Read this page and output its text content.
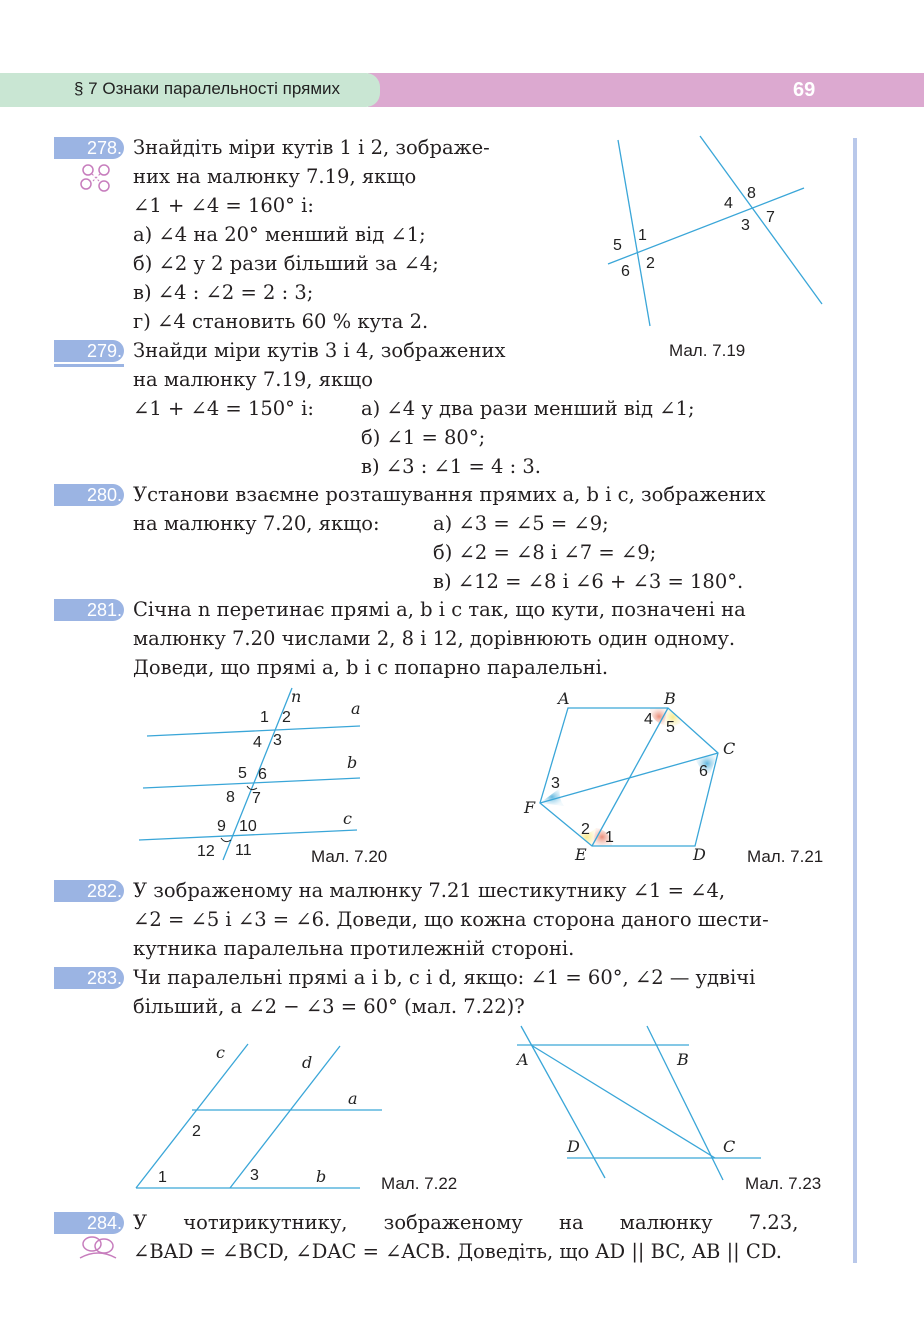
§ 7 Ознаки паралельності прямих	69
278. Знайдіть міри кутів 1 і 2, зображе-
них на малюнку 7.19, якщо
∠1 + ∠4 = 160° і:
а) ∠4 на 20° менший від ∠1;
б) ∠2 у 2 рази більший за ∠4;
в) ∠4 : ∠2 = 2 : 3;
г) ∠4 становить 60 % кута 2.
8
4
7
3
1
5
2
6
Мал. 7.19
279. Знайди міри кутів 3 і 4, зображених
на малюнку 7.19, якщо
∠1 + ∠4 = 150° і: а) ∠4 у два рази менший від ∠1;
б) ∠1 = 80°;
в) ∠3 : ∠1 = 4 : 3.
280. Установи взаємне розташування прямих a, b і c, зображених
на малюнку 7.20, якщо:	а) ∠3 = ∠5 = ∠9;
б) ∠2 = ∠8 і ∠7 = ∠9;
в) ∠12 = ∠8 і ∠6 + ∠3 = 180°.
281. Січна n перетинає прямі a, b і c так, що кути, позначені на
малюнку 7.20 числами 2, 8 і 12, дорівнюють один одному.
Доведи, що прямі a, b і c попарно паралельні.
n
a
b
c
1 2
4 3
5 6
8 7
9 10
12 11	Мал. 7.20
A	B
C
D
E
F
4 5
6
3
2 1
Мал. 7.21
282. У зображеному на малюнку 7.21 шестикутнику ∠1 = ∠4,
∠2 = ∠5 і ∠3 = ∠6. Доведи, що кожна сторона даного шести-
кутника паралельна протилежній стороні.
283. Чи паралельні прямі a і b, c і d, якщо: ∠1 = 60°, ∠2 — удвічі
більший, а ∠2 − ∠3 = 60° (мал. 7.22)?
c
d
a
b
1
2
3	Мал. 7.22
A	B
D	C
Мал. 7.23
284. У чотирикутнику, зображеному на малюнку 7.23,
∠BAD = ∠BCD, ∠DAC = ∠ACB. Доведіть, що AD || BC, AB || CD.
